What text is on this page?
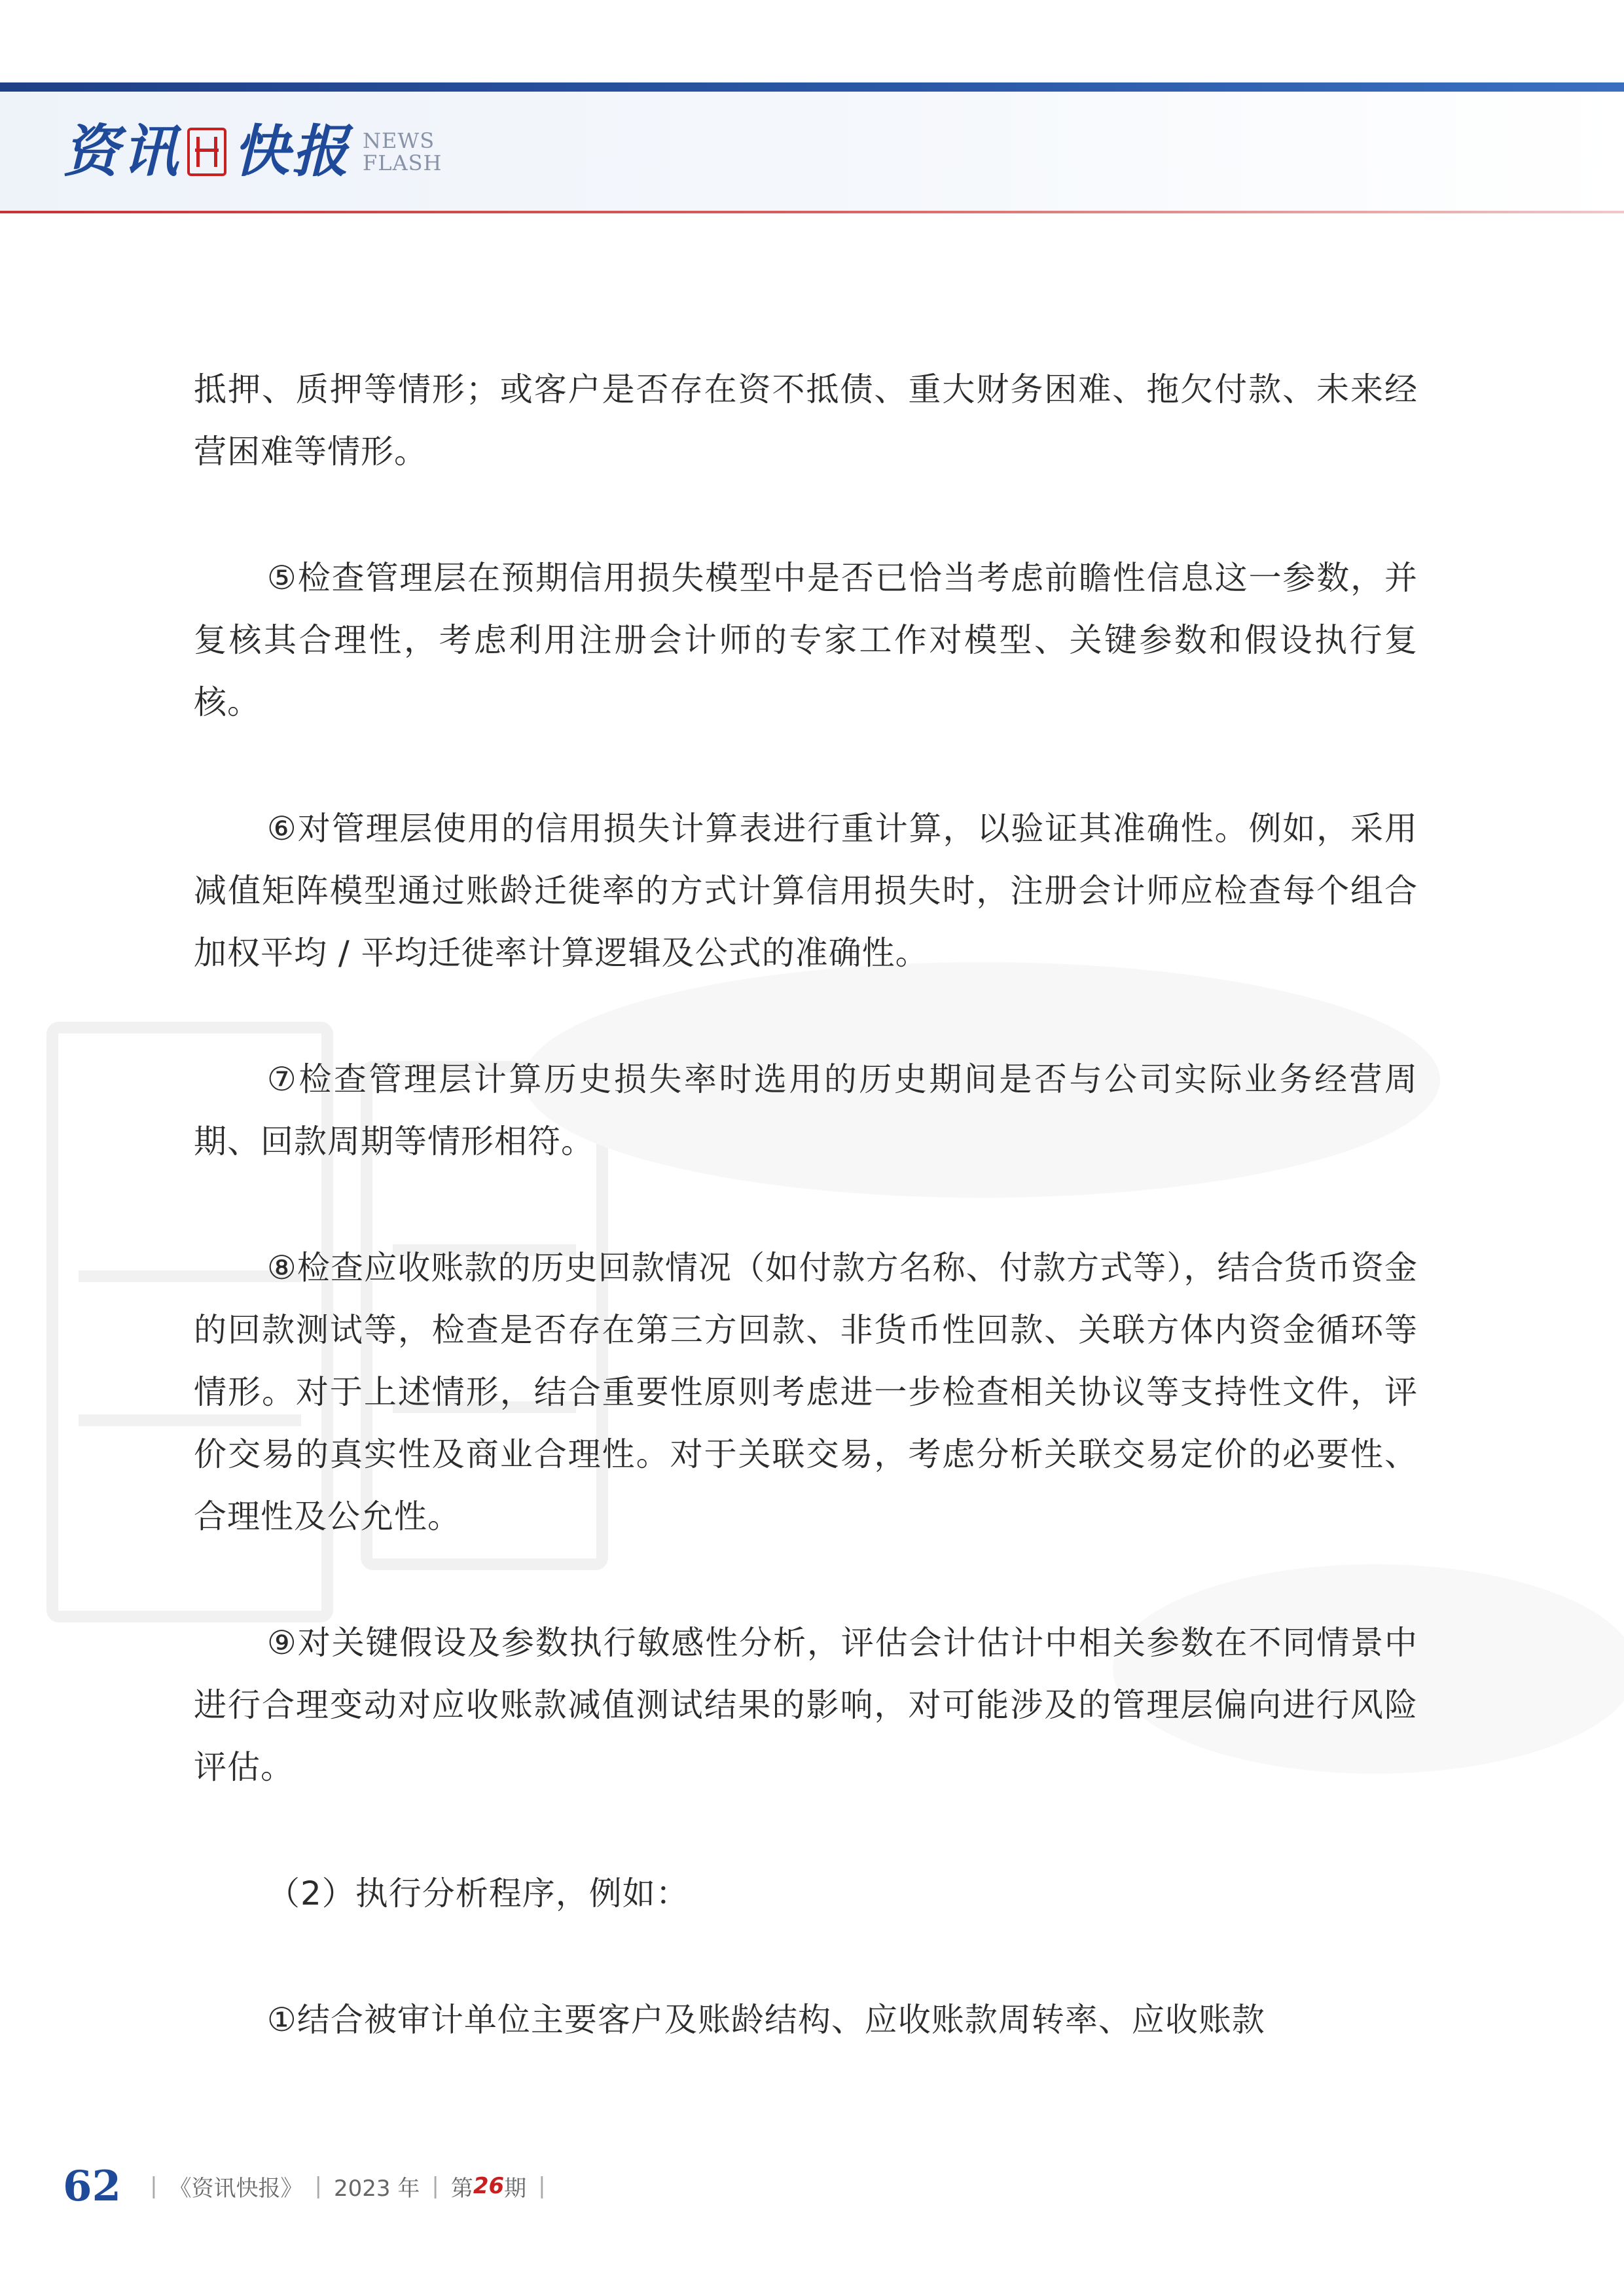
资讯 快报 NEWS
FLASH

抵押、质押等情形；或客户是否存在资不抵债、重大财务困难、拖欠付款、未来经营困难等情形。

⑤检查管理层在预期信用损失模型中是否已恰当考虑前瞻性信息这一参数，并复核其合理性，考虑利用注册会计师的专家工作对模型、关键参数和假设执行复核。

⑥对管理层使用的信用损失计算表进行重计算，以验证其准确性。例如，采用减值矩阵模型通过账龄迁徙率的方式计算信用损失时，注册会计师应检查每个组合加权平均 / 平均迁徙率计算逻辑及公式的准确性。

⑦检查管理层计算历史损失率时选用的历史期间是否与公司实际业务经营周期、回款周期等情形相符。

⑧检查应收账款的历史回款情况（如付款方名称、付款方式等），结合货币资金的回款测试等，检查是否存在第三方回款、非货币性回款、关联方体内资金循环等情形。对于上述情形，结合重要性原则考虑进一步检查相关协议等支持性文件，评价交易的真实性及商业合理性。对于关联交易，考虑分析关联交易定价的必要性、合理性及公允性。

⑨对关键假设及参数执行敏感性分析，评估会计估计中相关参数在不同情景中进行合理变动对应收账款减值测试结果的影响，对可能涉及的管理层偏向进行风险评估。

（2）执行分析程序，例如：

①结合被审计单位主要客户及账龄结构、应收账款周转率、应收账款

62 | 《资讯快报》 | 2023 年 | 第 26 期 |
